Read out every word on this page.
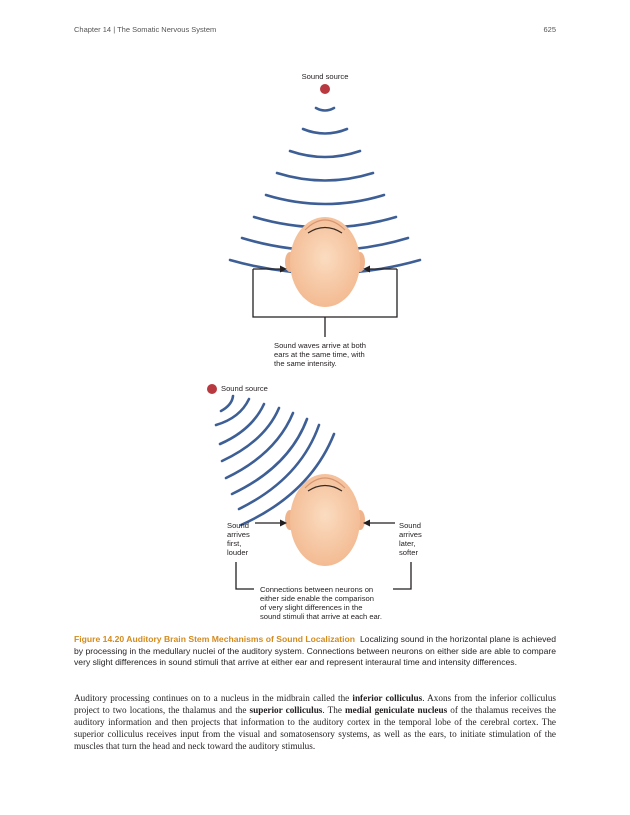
Chapter 14 | The Somatic Nervous System	625
Sound source
Sound waves arrive at both
ears at the same time, with
the same intensity.
Sound source
Sound
arrives
first,
louder
Sound
arrives
later,
softer
Connections between neurons on
either side enable the comparison
of very slight differences in the
sound stimuli that arrive at each ear.

Figure 14.20 Auditory Brain Stem Mechanisms of Sound Localization Localizing sound in the horizontal plane is achieved by processing in the medullary nuclei of the auditory system. Connections between neurons on either side are able to compare very slight differences in sound stimuli that arrive at either ear and represent interaural time and intensity differences.

Auditory processing continues on to a nucleus in the midbrain called the inferior colliculus. Axons from the inferior colliculus project to two locations, the thalamus and the superior colliculus. The medial geniculate nucleus of the thalamus receives the auditory information and then projects that information to the auditory cortex in the temporal lobe of the cerebral cortex. The superior colliculus receives input from the visual and somatosensory systems, as well as the ears, to initiate stimulation of the muscles that turn the head and neck toward the auditory stimulus.
